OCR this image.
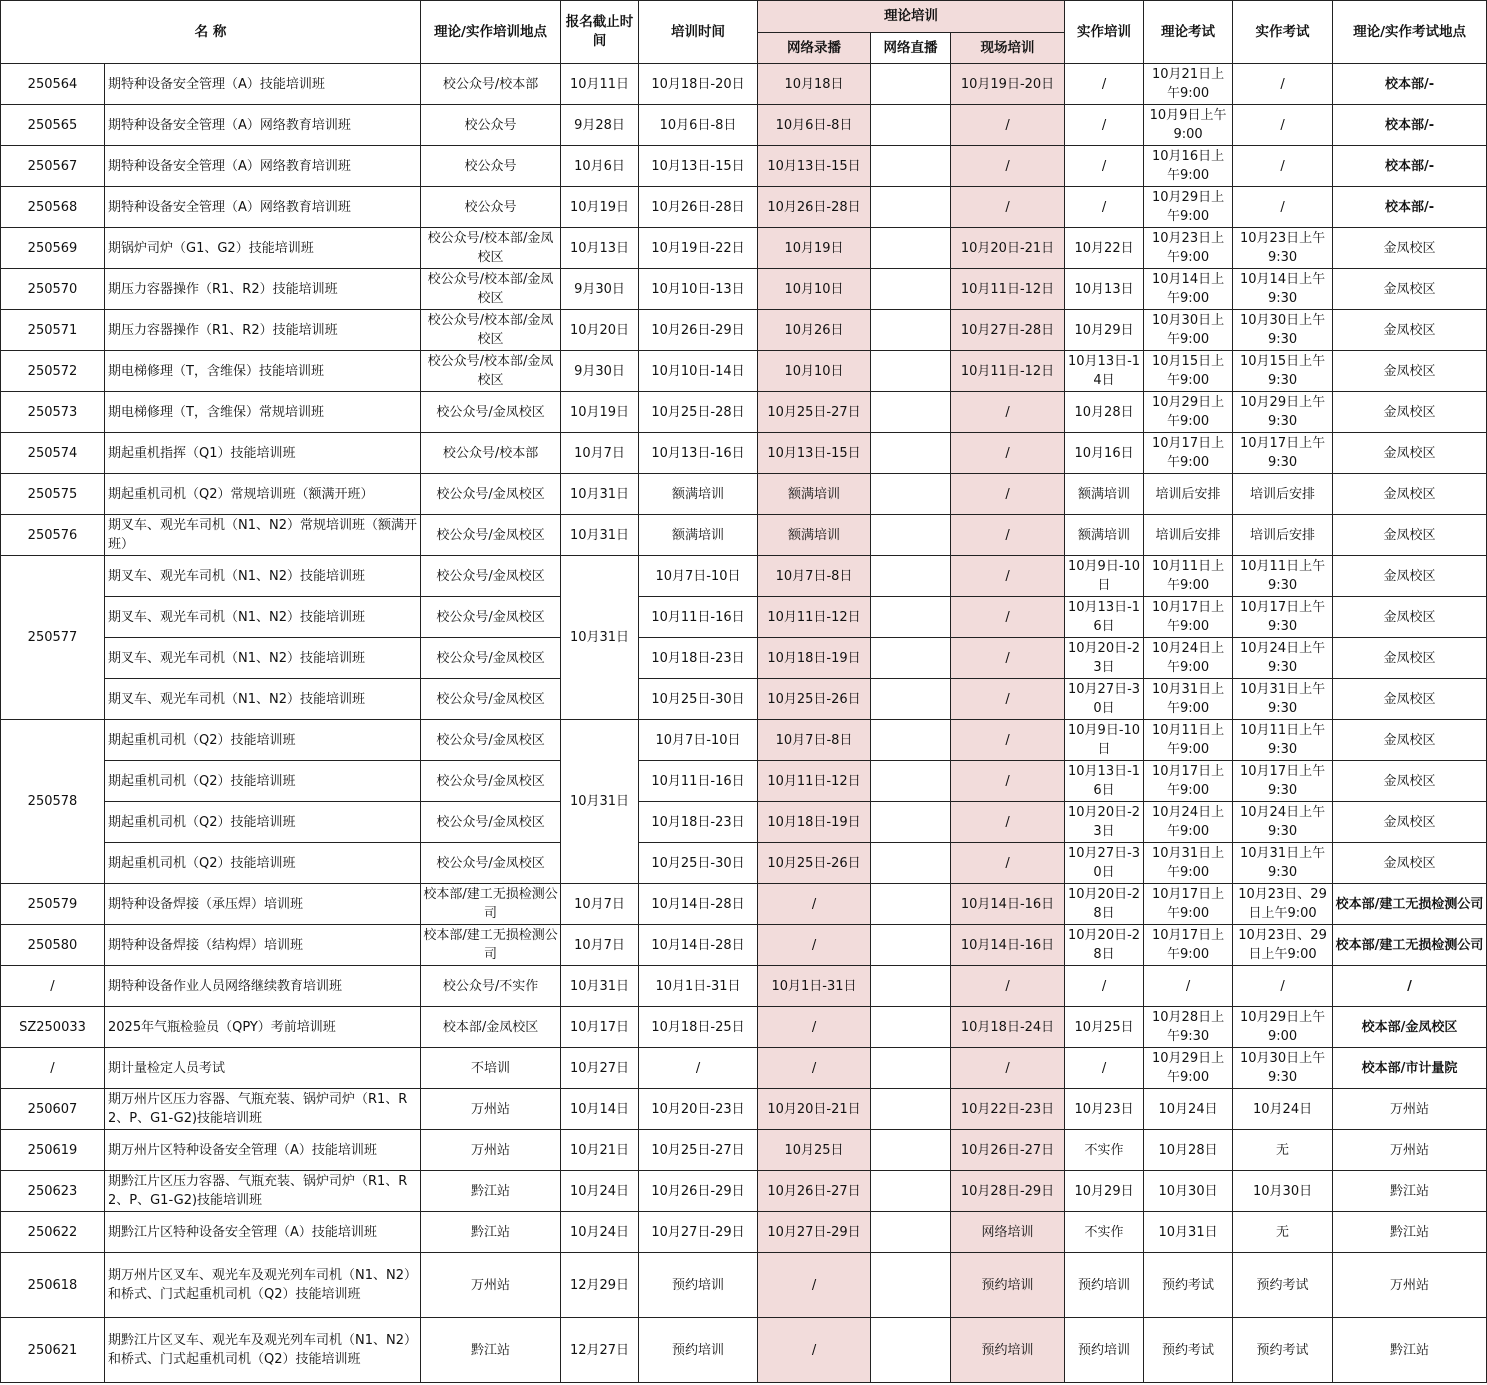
名 称		理论/实作培训地点	报名截止时间	培训时间	理论培训			实作培训	理论考试	实作考试	理论/实作考试地点
					网络录播	网络直播	现场培训				
250564	期特种设备安全管理（A）技能培训班	校公众号/校本部	10月11日	10月18日-20日	10月18日		10月19日-20日	/	10月21日上午9:00	/	校本部/-
250565	期特种设备安全管理（A）网络教育培训班	校公众号	9月28日	10月6日-8日	10月6日-8日		/	/	10月9日上午9:00	/	校本部/-
250567	期特种设备安全管理（A）网络教育培训班	校公众号	10月6日	10月13日-15日	10月13日-15日		/	/	10月16日上午9:00	/	校本部/-
250568	期特种设备安全管理（A）网络教育培训班	校公众号	10月19日	10月26日-28日	10月26日-28日		/	/	10月29日上午9:00	/	校本部/-
250569	期锅炉司炉（G1、G2）技能培训班	校公众号/校本部/金凤校区	10月13日	10月19日-22日	10月19日		10月20日-21日	10月22日	10月23日上午9:00	10月23日上午9:30	金凤校区
250570	期压力容器操作（R1、R2）技能培训班	校公众号/校本部/金凤校区	9月30日	10月10日-13日	10月10日		10月11日-12日	10月13日	10月14日上午9:00	10月14日上午9:30	金凤校区
250571	期压力容器操作（R1、R2）技能培训班	校公众号/校本部/金凤校区	10月20日	10月26日-29日	10月26日		10月27日-28日	10月29日	10月30日上午9:00	10月30日上午9:30	金凤校区
250572	期电梯修理（T，含维保）技能培训班	校公众号/校本部/金凤校区	9月30日	10月10日-14日	10月10日		10月11日-12日	10月13日-14日	10月15日上午9:00	10月15日上午9:30	金凤校区
250573	期电梯修理（T，含维保）常规培训班	校公众号/金凤校区	10月19日	10月25日-28日	10月25日-27日		/	10月28日	10月29日上午9:00	10月29日上午9:30	金凤校区
250574	期起重机指挥（Q1）技能培训班	校公众号/校本部	10月7日	10月13日-16日	10月13日-15日		/	10月16日	10月17日上午9:00	10月17日上午9:30	金凤校区
250575	期起重机司机（Q2）常规培训班（额满开班）	校公众号/金凤校区	10月31日	额满培训	额满培训		/	额满培训	培训后安排	培训后安排	金凤校区
250576	期叉车、观光车司机（N1、N2）常规培训班（额满开班）	校公众号/金凤校区	10月31日	额满培训	额满培训		/	额满培训	培训后安排	培训后安排	金凤校区
250577	期叉车、观光车司机（N1、N2）技能培训班	校公众号/金凤校区	10月31日	10月7日-10日	10月7日-8日		/	10月9日-10日	10月11日上午9:00	10月11日上午9:30	金凤校区
	期叉车、观光车司机（N1、N2）技能培训班	校公众号/金凤校区		10月11日-16日	10月11日-12日		/	10月13日-16日	10月17日上午9:00	10月17日上午9:30	金凤校区
	期叉车、观光车司机（N1、N2）技能培训班	校公众号/金凤校区		10月18日-23日	10月18日-19日		/	10月20日-23日	10月24日上午9:00	10月24日上午9:30	金凤校区
	期叉车、观光车司机（N1、N2）技能培训班	校公众号/金凤校区		10月25日-30日	10月25日-26日		/	10月27日-30日	10月31日上午9:00	10月31日上午9:30	金凤校区
250578	期起重机司机（Q2）技能培训班	校公众号/金凤校区	10月31日	10月7日-10日	10月7日-8日		/	10月9日-10日	10月11日上午9:00	10月11日上午9:30	金凤校区
	期起重机司机（Q2）技能培训班	校公众号/金凤校区		10月11日-16日	10月11日-12日		/	10月13日-16日	10月17日上午9:00	10月17日上午9:30	金凤校区
	期起重机司机（Q2）技能培训班	校公众号/金凤校区		10月18日-23日	10月18日-19日		/	10月20日-23日	10月24日上午9:00	10月24日上午9:30	金凤校区
	期起重机司机（Q2）技能培训班	校公众号/金凤校区		10月25日-30日	10月25日-26日		/	10月27日-30日	10月31日上午9:00	10月31日上午9:30	金凤校区
250579	期特种设备焊接（承压焊）培训班	校本部/建工无损检测公司	10月7日	10月14日-28日	/		10月14日-16日	10月20日-28日	10月17日上午9:00	10月23日、29日上午9:00	校本部/建工无损检测公司
250580	期特种设备焊接（结构焊）培训班	校本部/建工无损检测公司	10月7日	10月14日-28日	/		10月14日-16日	10月20日-28日	10月17日上午9:00	10月23日、29日上午9:00	校本部/建工无损检测公司
/	期特种设备作业人员网络继续教育培训班	校公众号/不实作	10月31日	10月1日-31日	10月1日-31日		/	/	/	/	/
SZ250033	2025年气瓶检验员（QPY）考前培训班	校本部/金凤校区	10月17日	10月18日-25日	/		10月18日-24日	10月25日	10月28日上午9:30	10月29日上午9:00	校本部/金凤校区
/	期计量检定人员考试	不培训	10月27日	/	/		/	/	10月29日上午9:00	10月30日上午9:30	校本部/市计量院
250607	期万州片区压力容器、气瓶充装、锅炉司炉（R1、R2、P、G1-G2)技能培训班	万州站	10月14日	10月20日-23日	10月20日-21日		10月22日-23日	10月23日	10月24日	10月24日	万州站
250619	期万州片区特种设备安全管理（A）技能培训班	万州站	10月21日	10月25日-27日	10月25日		10月26日-27日	不实作	10月28日	无	万州站
250623	期黔江片区压力容器、气瓶充装、锅炉司炉（R1、R2、P、G1-G2)技能培训班	黔江站	10月24日	10月26日-29日	10月26日-27日		10月28日-29日	10月29日	10月30日	10月30日	黔江站
250622	期黔江片区特种设备安全管理（A）技能培训班	黔江站	10月24日	10月27日-29日	10月27日-29日		网络培训	不实作	10月31日	无	黔江站
250618	期万州片区叉车、观光车及观光列车司机（N1、N2）和桥式、门式起重机司机（Q2）技能培训班	万州站	12月29日	预约培训	/		预约培训	预约培训	预约考试	预约考试	万州站
250621	期黔江片区叉车、观光车及观光列车司机（N1、N2）和桥式、门式起重机司机（Q2）技能培训班	黔江站	12月27日	预约培训	/		预约培训	预约培训	预约考试	预约考试	黔江站
